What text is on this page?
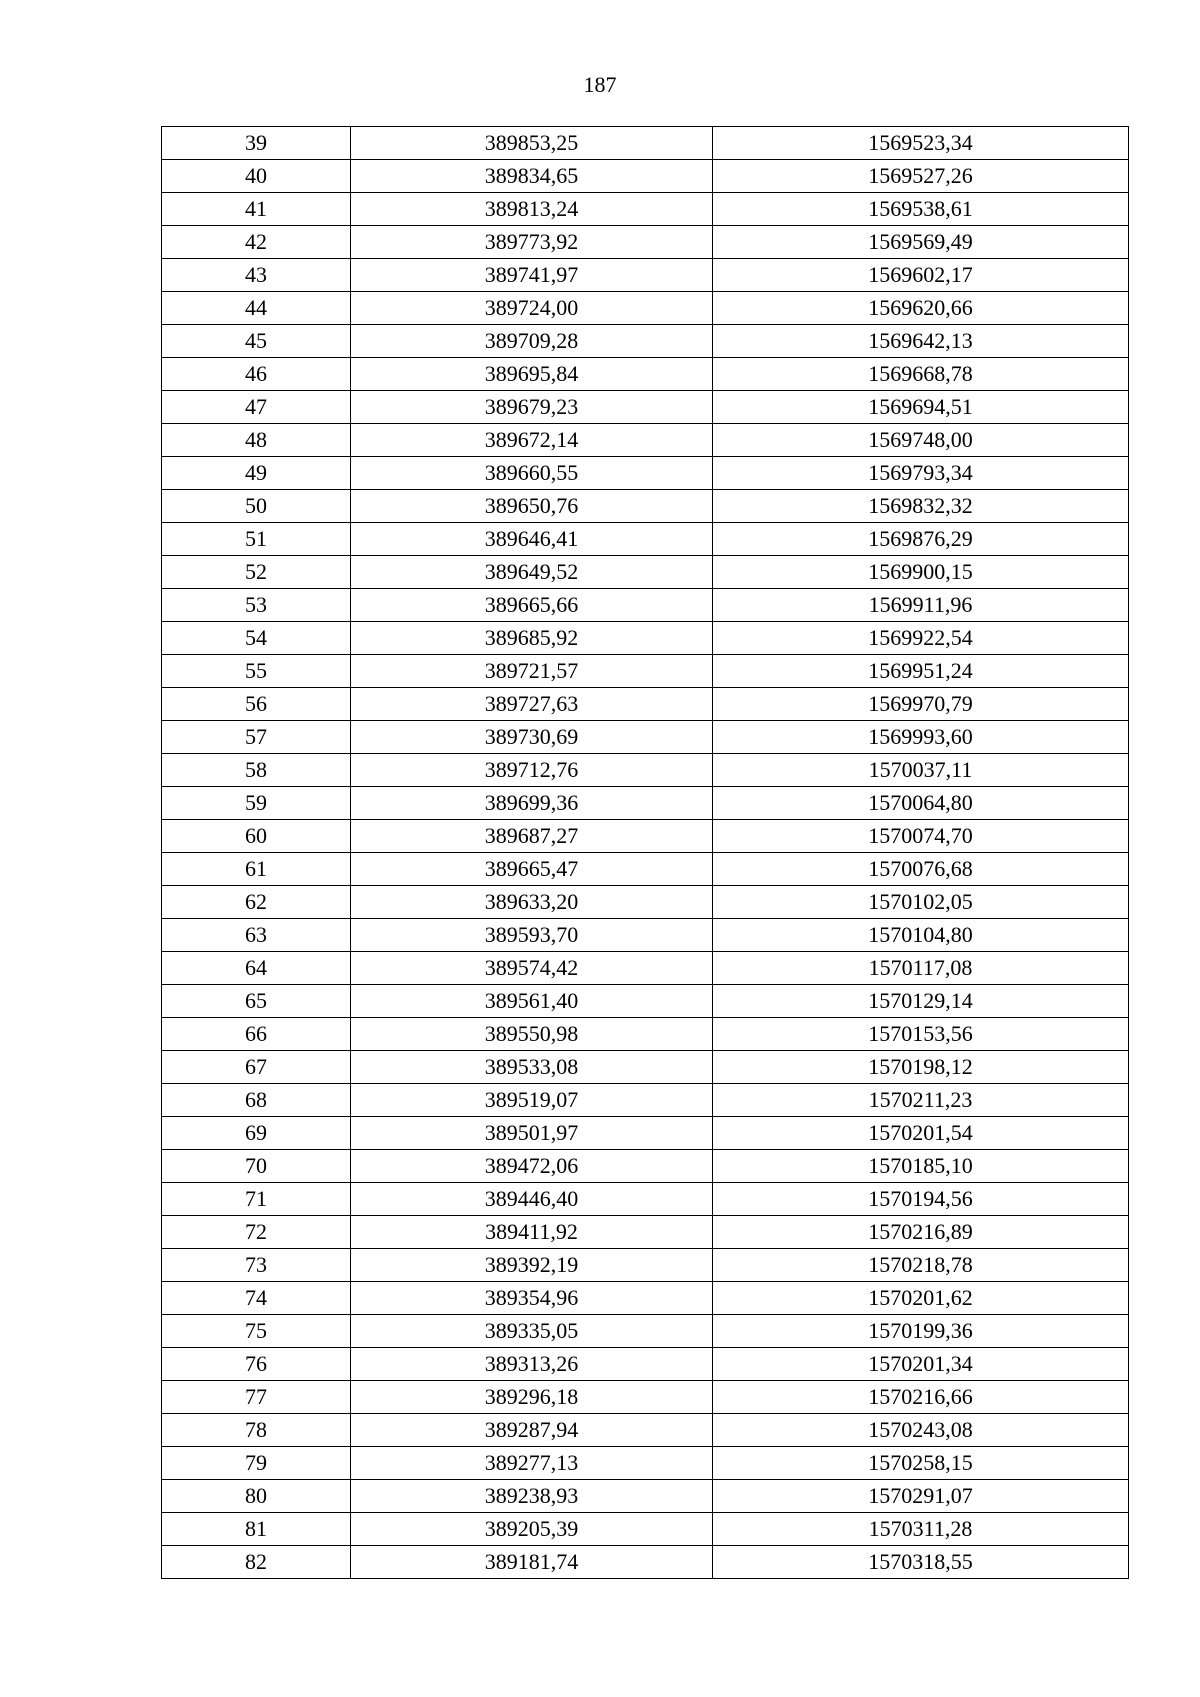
187
39	389853,25	1569523,34
40	389834,65	1569527,26
41	389813,24	1569538,61
42	389773,92	1569569,49
43	389741,97	1569602,17
44	389724,00	1569620,66
45	389709,28	1569642,13
46	389695,84	1569668,78
47	389679,23	1569694,51
48	389672,14	1569748,00
49	389660,55	1569793,34
50	389650,76	1569832,32
51	389646,41	1569876,29
52	389649,52	1569900,15
53	389665,66	1569911,96
54	389685,92	1569922,54
55	389721,57	1569951,24
56	389727,63	1569970,79
57	389730,69	1569993,60
58	389712,76	1570037,11
59	389699,36	1570064,80
60	389687,27	1570074,70
61	389665,47	1570076,68
62	389633,20	1570102,05
63	389593,70	1570104,80
64	389574,42	1570117,08
65	389561,40	1570129,14
66	389550,98	1570153,56
67	389533,08	1570198,12
68	389519,07	1570211,23
69	389501,97	1570201,54
70	389472,06	1570185,10
71	389446,40	1570194,56
72	389411,92	1570216,89
73	389392,19	1570218,78
74	389354,96	1570201,62
75	389335,05	1570199,36
76	389313,26	1570201,34
77	389296,18	1570216,66
78	389287,94	1570243,08
79	389277,13	1570258,15
80	389238,93	1570291,07
81	389205,39	1570311,28
82	389181,74	1570318,55
